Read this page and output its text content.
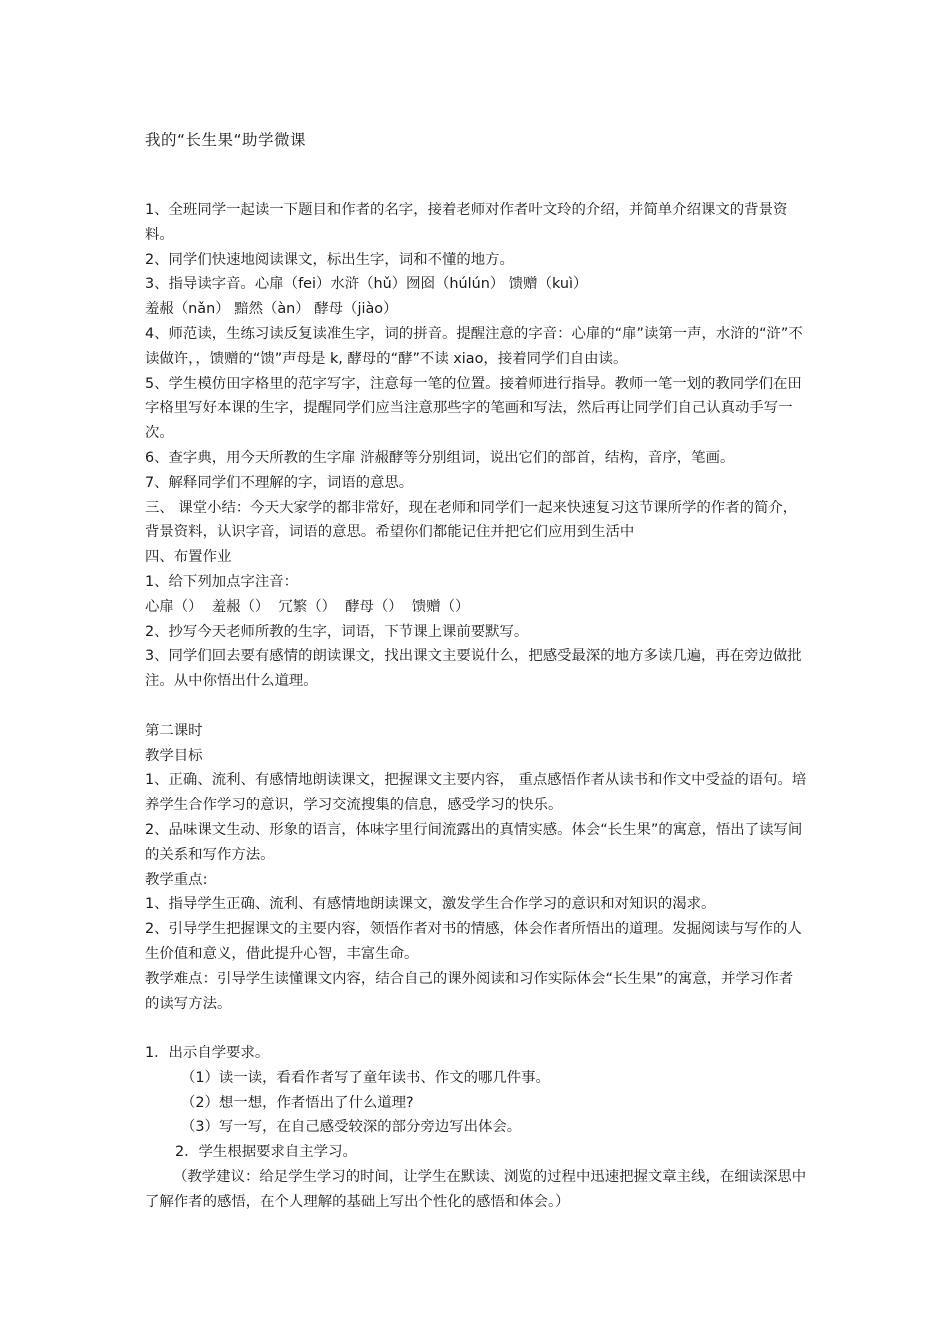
我的“长生果“助学微课

1、全班同学一起读一下题目和作者的名字，接着老师对作者叶文玲的介绍，并简单介绍课文的背景资料。

2、同学们快速地阅读课文，标出生字，词和不懂的地方。

3、指导读字音。心扉（fei）水浒（hǔ）囫囵（húlún） 馈赠（kuì）

羞赧（nǎn） 黯然（àn） 酵母（jiào）

4、师范读，生练习读反复读准生字，词的拼音。提醒注意的字音：心扉的“扉”读第一声，水浒的“浒”不读做许，，馈赠的“馈”声母是 k, 酵母的“酵”不读 xiao，接着同学们自由读。

5、学生模仿田字格里的范字写字，注意每一笔的位置。接着师进行指导。教师一笔一划的教同学们在田字格里写好本课的生字，提醒同学们应当注意那些字的笔画和写法，然后再让同学们自己认真动手写一次。

6、查字典，用今天所教的生字扉 浒赧酵等分别组词，说出它们的部首，结构，音序，笔画。

7、解释同学们不理解的字，词语的意思。

三、 课堂小结：今天大家学的都非常好，现在老师和同学们一起来快速复习这节课所学的作者的简介，背景资料，认识字音，词语的意思。希望你们都能记住并把它们应用到生活中

四、布置作业

1、给下列加点字注音：

心扉（）  羞赧（）  冗繁（）  酵母（）  馈赠（）

2、抄写今天老师所教的生字，词语，下节课上课前要默写。

3、同学们回去要有感情的朗读课文，找出课文主要说什么，把感受最深的地方多读几遍，再在旁边做批注。从中你悟出什么道理。

第二课时

教学目标

1、正确、流利、有感情地朗读课文，把握课文主要内容， 重点感悟作者从读书和作文中受益的语句。培养学生合作学习的意识，学习交流搜集的信息，感受学习的快乐。

2、品味课文生动、形象的语言，体味字里行间流露出的真情实感。体会“长生果”的寓意，悟出了读写间的关系和写作方法。

教学重点:

1、指导学生正确、流利、有感情地朗读课文，激发学生合作学习的意识和对知识的渴求。

2、引导学生把握课文的主要内容，领悟作者对书的情感，体会作者所悟出的道理。发掘阅读与写作的人生价值和意义，借此提升心智，丰富生命。

教学难点：引导学生读懂课文内容，结合自己的课外阅读和习作实际体会“长生果”的寓意，并学习作者的读写方法。

1．出示自学要求。

（1）读一读，看看作者写了童年读书、作文的哪几件事。

（2）想一想，作者悟出了什么道理?

（3）写一写，在自己感受较深的部分旁边写出体会。

2．学生根据要求自主学习。

（教学建议：给足学生学习的时间，让学生在默读、浏览的过程中迅速把握文章主线，在细读深思中了解作者的感悟，在个人理解的基础上写出个性化的感悟和体会。）
